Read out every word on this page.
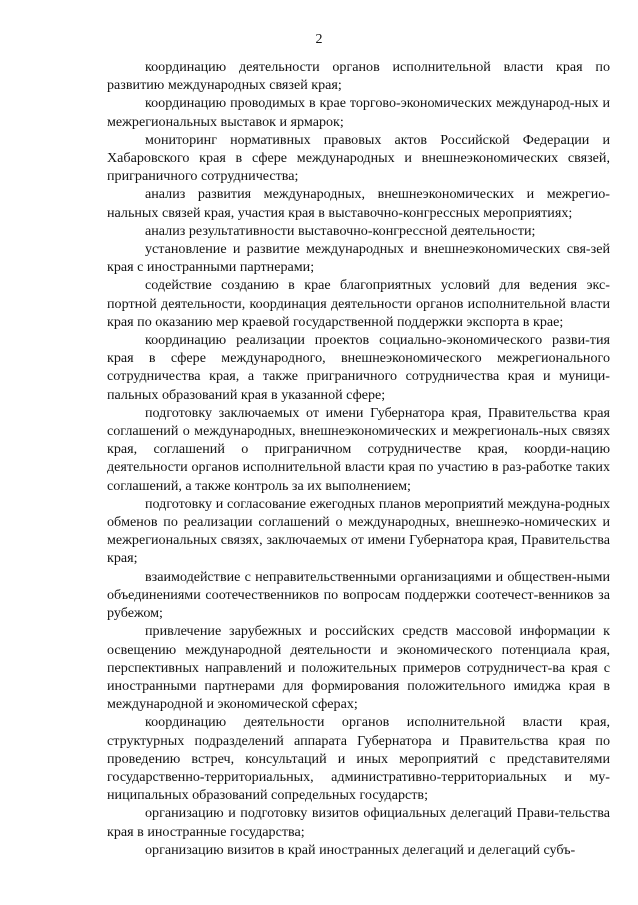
2

координацию деятельности органов исполнительной власти края по развитию международных связей края;

координацию проводимых в крае торгово-экономических международ-ных и межрегиональных выставок и ярмарок;

мониторинг нормативных правовых актов Российской Федерации и Хабаровского края в сфере международных и внешнеэкономических связей, приграничного сотрудничества;

анализ развития международных, внешнеэкономических и межрегио-нальных связей края, участия края в выставочно-конгрессных мероприятиях;

анализ результативности выставочно-конгрессной деятельности;

установление и развитие международных и внешнеэкономических свя-зей края с иностранными партнерами;

содействие созданию в крае благоприятных условий для ведения экс-портной деятельности, координация деятельности органов исполнительной власти края по оказанию мер краевой государственной поддержки экспорта в крае;

координацию реализации проектов социально-экономического разви-тия края в сфере международного, внешнеэкономического межрегионального сотрудничества края, а также приграничного сотрудничества края и муници-пальных образований края в указанной сфере;

подготовку заключаемых от имени Губернатора края, Правительства края соглашений о международных, внешнеэкономических и межрегиональ-ных связях края, соглашений о приграничном сотрудничестве края, коорди-нацию деятельности органов исполнительной власти края по участию в раз-работке таких соглашений, а также контроль за их выполнением;

подготовку и согласование ежегодных планов мероприятий междуна-родных обменов по реализации соглашений о международных, внешнеэко-номических и межрегиональных связях, заключаемых от имени Губернатора края, Правительства края;

взаимодействие с неправительственными организациями и обществен-ными объединениями соотечественников по вопросам поддержки соотечест-венников за рубежом;

привлечение зарубежных и российских средств массовой информации к освещению международной деятельности и экономического потенциала края, перспективных направлений и положительных примеров сотрудничест-ва края с иностранными партнерами для формирования положительного имиджа края в международной и экономической сферах;

координацию деятельности органов исполнительной власти края, структурных подразделений аппарата Губернатора и Правительства края по проведению встреч, консультаций и иных мероприятий с представителями государственно-территориальных, административно-территориальных и му-ниципальных образований сопредельных государств;

организацию и подготовку визитов официальных делегаций Прави-тельства края в иностранные государства;

организацию визитов в край иностранных делегаций и делегаций субъ-
